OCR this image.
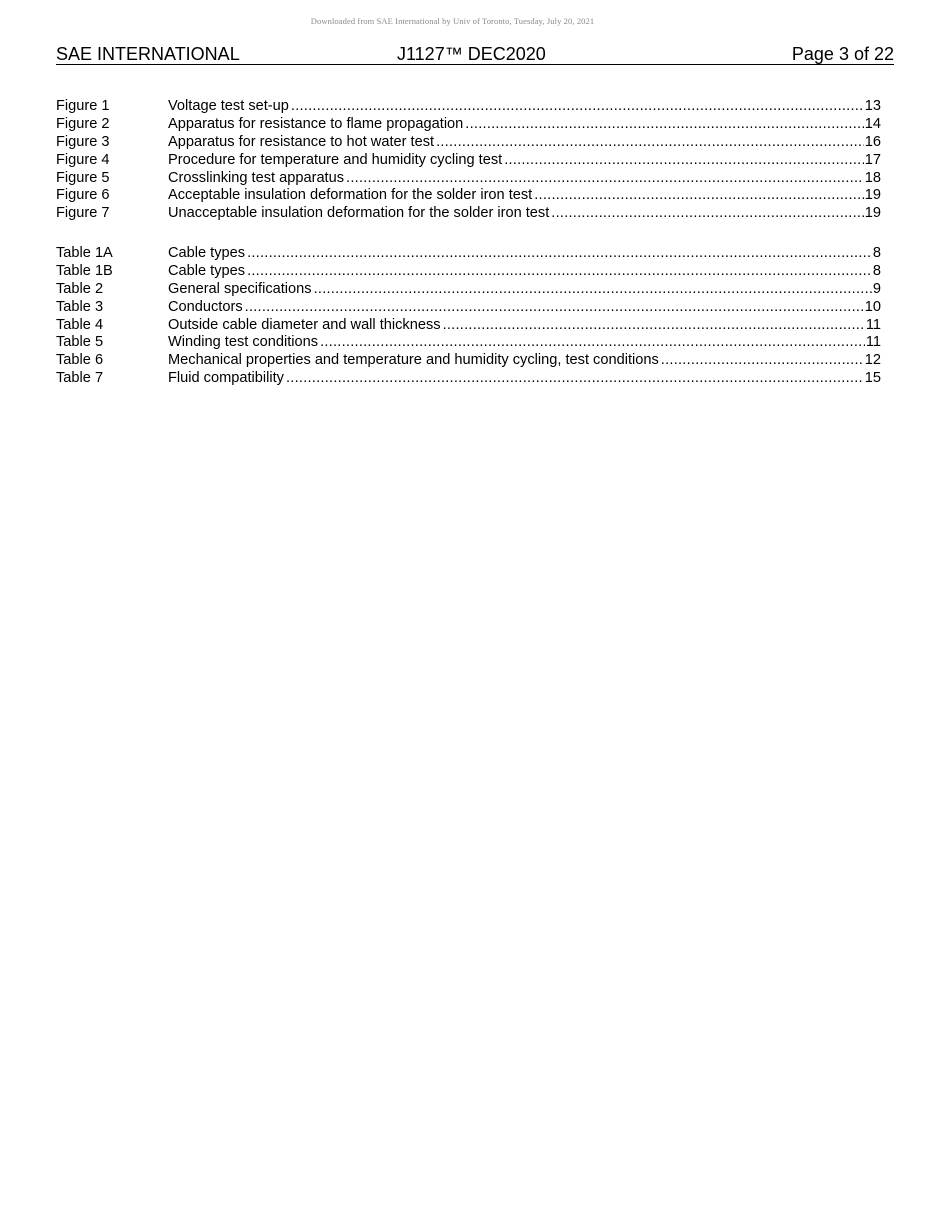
Downloaded from SAE International by Univ of Toronto, Tuesday, July 20, 2021
SAE INTERNATIONAL	J1127™ DEC2020	Page 3 of 22
Figure 1	Voltage test set-up .....	13
Figure 2	Apparatus for resistance to flame propagation .....	14
Figure 3	Apparatus for resistance to hot water test .....	16
Figure 4	Procedure for temperature and humidity cycling test .....	17
Figure 5	Crosslinking test apparatus .....	18
Figure 6	Acceptable insulation deformation for the solder iron test .....	19
Figure 7	Unacceptable insulation deformation for the solder iron test .....	19
Table 1A	Cable types .....	8
Table 1B	Cable types .....	8
Table 2	General specifications .....	9
Table 3	Conductors .....	10
Table 4	Outside cable diameter and wall thickness .....	11
Table 5	Winding test conditions .....	11
Table 6	Mechanical properties and temperature and humidity cycling, test conditions .....	12
Table 7	Fluid compatibility .....	15
